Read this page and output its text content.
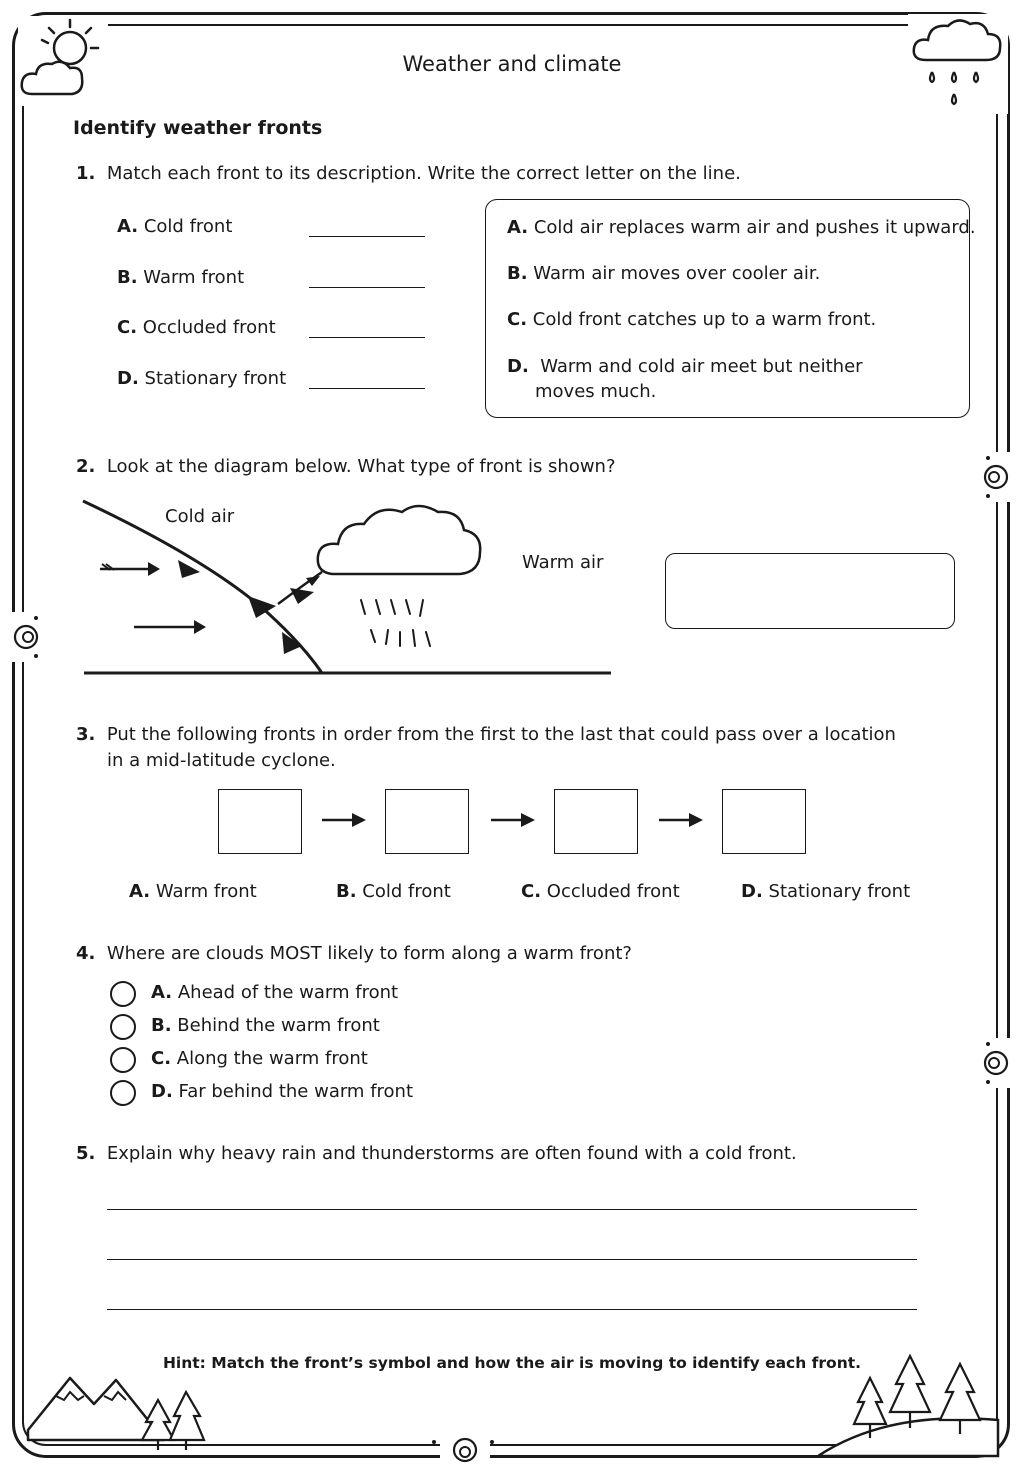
Weather and climate
Identify weather fronts
1. Match each front to its description. Write the correct letter on the line.
A. Cold front
B. Warm front
C. Occluded front
D. Stationary front
A. Cold air replaces warm air and pushes it upward.
B. Warm air moves over cooler air.
C. Cold front catches up to a warm front.
D. Warm and cold air meet but neither
moves much.
2. Look at the diagram below. What type of front is shown?
Cold air
Warm air
3. Put the following fronts in order from the first to the last that could pass over a location
in a mid-latitude cyclone.
A. Warm front	B. Cold front	C. Occluded front	D. Stationary front
4. Where are clouds MOST likely to form along a warm front?
A. Ahead of the warm front
B. Behind the warm front
C. Along the warm front
D. Far behind the warm front
5. Explain why heavy rain and thunderstorms are often found with a cold front.
Hint: Match the front’s symbol and how the air is moving to identify each front.
